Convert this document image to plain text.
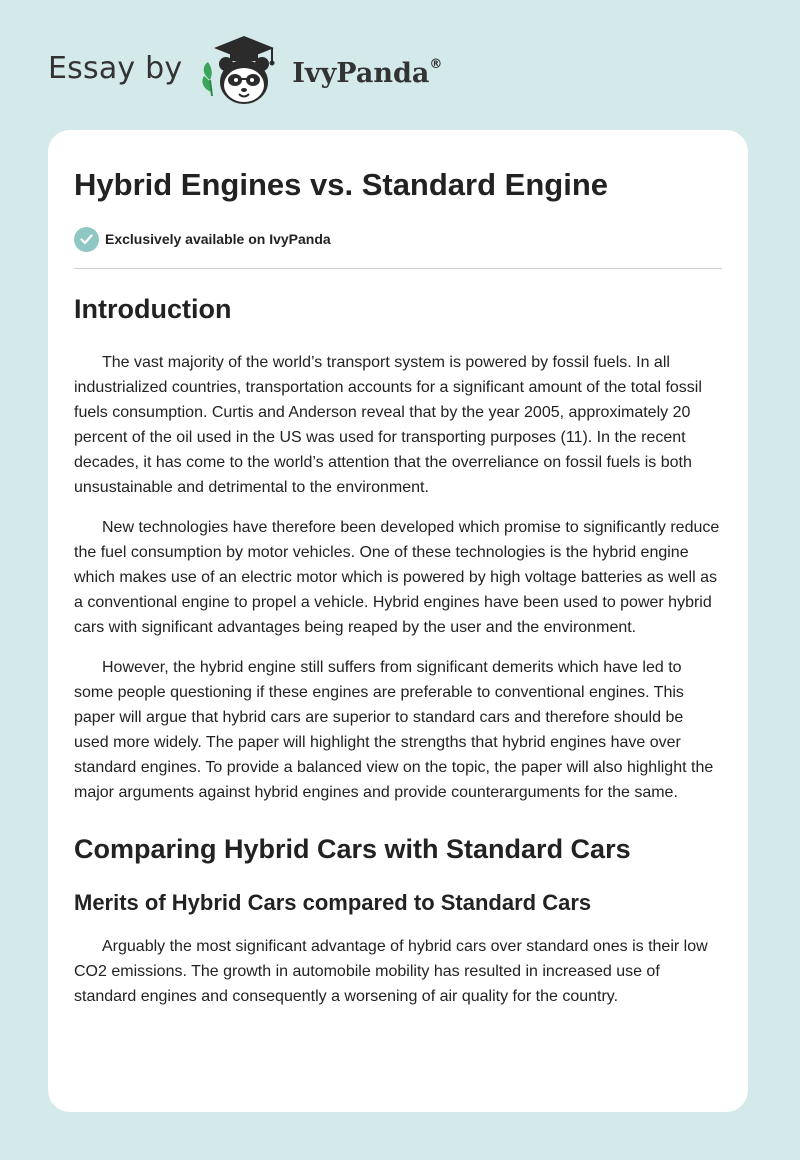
Essay by	IvyPanda®
Hybrid Engines vs. Standard Engine
Exclusively available on IvyPanda
Introduction

The vast majority of the world’s transport system is powered by fossil fuels. In all industrialized countries, transportation accounts for a significant amount of the total fossil fuels consumption. Curtis and Anderson reveal that by the year 2005, approximately 20 percent of the oil used in the US was used for transporting purposes (11). In the recent decades, it has come to the world’s attention that the overreliance on fossil fuels is both unsustainable and detrimental to the environment.

New technologies have therefore been developed which promise to significantly reduce the fuel consumption by motor vehicles. One of these technologies is the hybrid engine which makes use of an electric motor which is powered by high voltage batteries as well as a conventional engine to propel a vehicle. Hybrid engines have been used to power hybrid cars with significant advantages being reaped by the user and the environment.

However, the hybrid engine still suffers from significant demerits which have led to some people questioning if these engines are preferable to conventional engines. This paper will argue that hybrid cars are superior to standard cars and therefore should be used more widely. The paper will highlight the strengths that hybrid engines have over standard engines. To provide a balanced view on the topic, the paper will also highlight the major arguments against hybrid engines and provide counterarguments for the same.

Comparing Hybrid Cars with Standard Cars
Merits of Hybrid Cars compared to Standard Cars

Arguably the most significant advantage of hybrid cars over standard ones is their low CO2 emissions. The growth in automobile mobility has resulted in increased use of standard engines and consequently a worsening of air quality for the country.
